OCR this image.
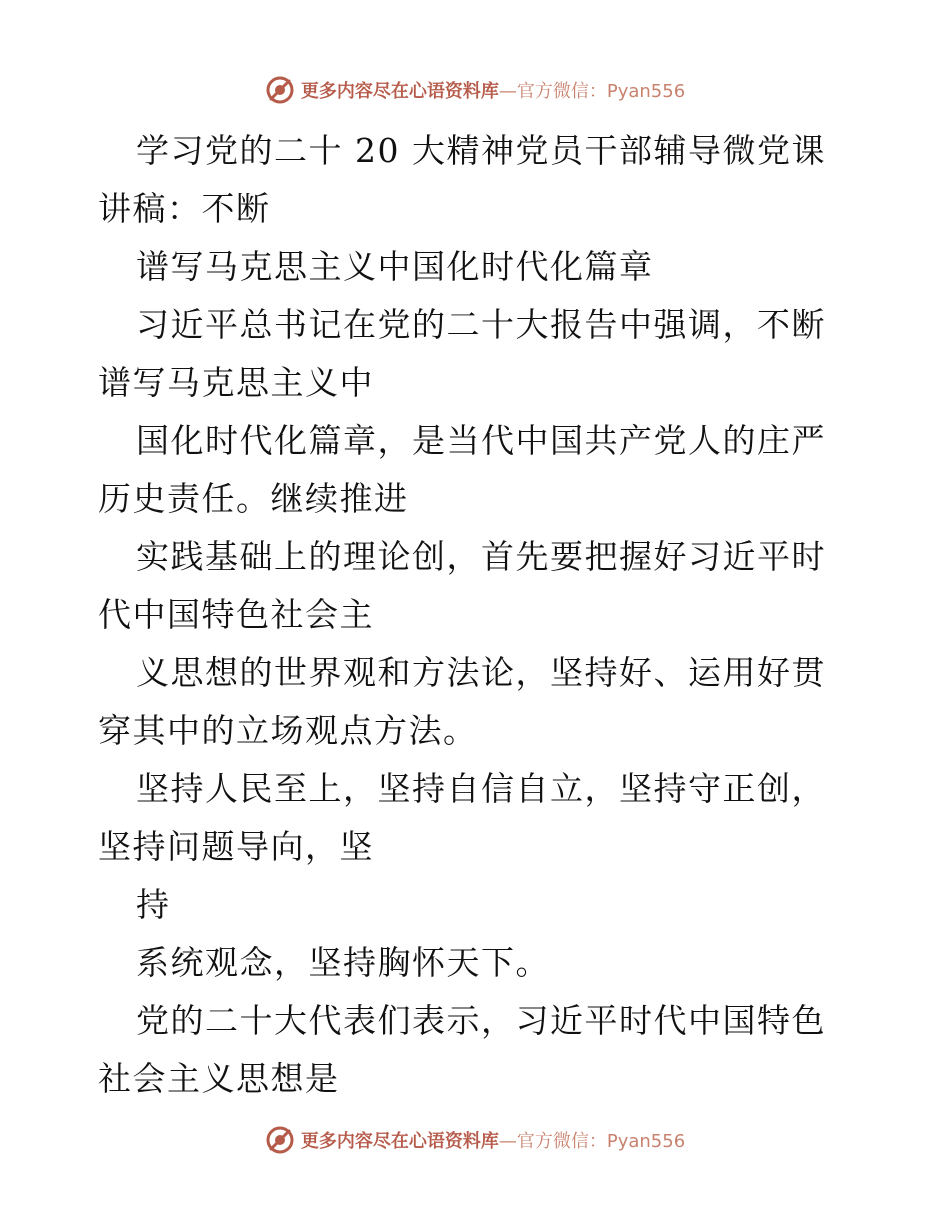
更多内容尽在心语资料库—官方微信：Pyan556

学习党的二十 20 大精神党员干部辅导微党课讲稿：不断

谱写马克思主义中国化时代化篇章

习近平总书记在党的二十大报告中强调，不断谱写马克思主义中

国化时代化篇章，是当代中国共产党人的庄严历史责任。继续推进

实践基础上的理论创，首先要把握好习近平时代中国特色社会主

义思想的世界观和方法论，坚持好、运用好贯穿其中的立场观点方法。

坚持人民至上，坚持自信自立，坚持守正创，坚持问题导向，坚

持

系统观念，坚持胸怀天下。

党的二十大代表们表示，习近平时代中国特色社会主义思想是

更多内容尽在心语资料库—官方微信：Pyan556
